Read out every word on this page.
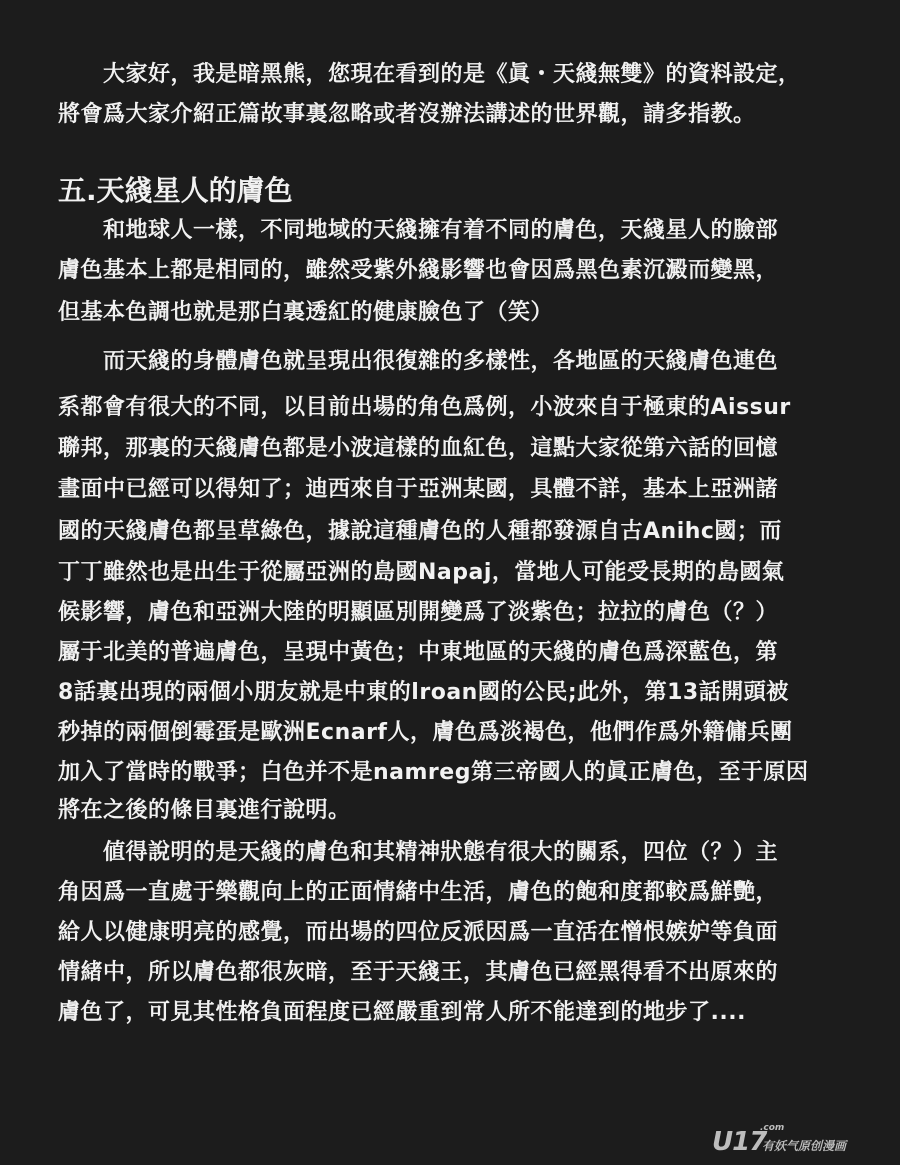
大家好，我是暗黑熊，您現在看到的是《眞・天綫無雙》的資料設定，
將會爲大家介紹正篇故事裏忽略或者沒辦法講述的世界觀，請多指教。
五.天綫星人的膚色
和地球人一樣，不同地域的天綫擁有着不同的膚色，天綫星人的臉部
膚色基本上都是相同的，雖然受紫外綫影響也會因爲黑色素沉澱而變黑，
但基本色調也就是那白裏透紅的健康臉色了（笑）
而天綫的身體膚色就呈現出很復雜的多樣性，各地區的天綫膚色連色
系都會有很大的不同，以目前出場的角色爲例，小波來自于極東的Aissur
聯邦，那裏的天綫膚色都是小波這樣的血紅色，這點大家從第六話的回憶
畫面中已經可以得知了；迪西來自于亞洲某國，具體不詳，基本上亞洲諸
國的天綫膚色都呈草綠色，據說這種膚色的人種都發源自古Anihc國；而
丁丁雖然也是出生于從屬亞洲的島國Napaj，當地人可能受長期的島國氣
候影響，膚色和亞洲大陸的明顯區別開變爲了淡紫色；拉拉的膚色（？）
屬于北美的普遍膚色，呈現中黃色；中東地區的天綫的膚色爲深藍色，第
8話裏出現的兩個小朋友就是中東的lroan國的公民;此外，第13話開頭被
秒掉的兩個倒霉蛋是歐洲Ecnarf人，膚色爲淡褐色，他們作爲外籍傭兵團
加入了當時的戰爭；白色并不是namreg第三帝國人的眞正膚色，至于原因
將在之後的條目裏進行說明。
値得說明的是天綫的膚色和其精神狀態有很大的關系，四位（？）主
角因爲一直處于樂觀向上的正面情緒中生活，膚色的飽和度都較爲鮮艷，
給人以健康明亮的感覺，而出場的四位反派因爲一直活在憎恨嫉妒等負面
情緒中，所以膚色都很灰暗，至于天綫王，其膚色已經黑得看不出原來的
膚色了，可見其性格負面程度已經嚴重到常人所不能達到的地步了....
U17
.com
有妖气原创漫画
